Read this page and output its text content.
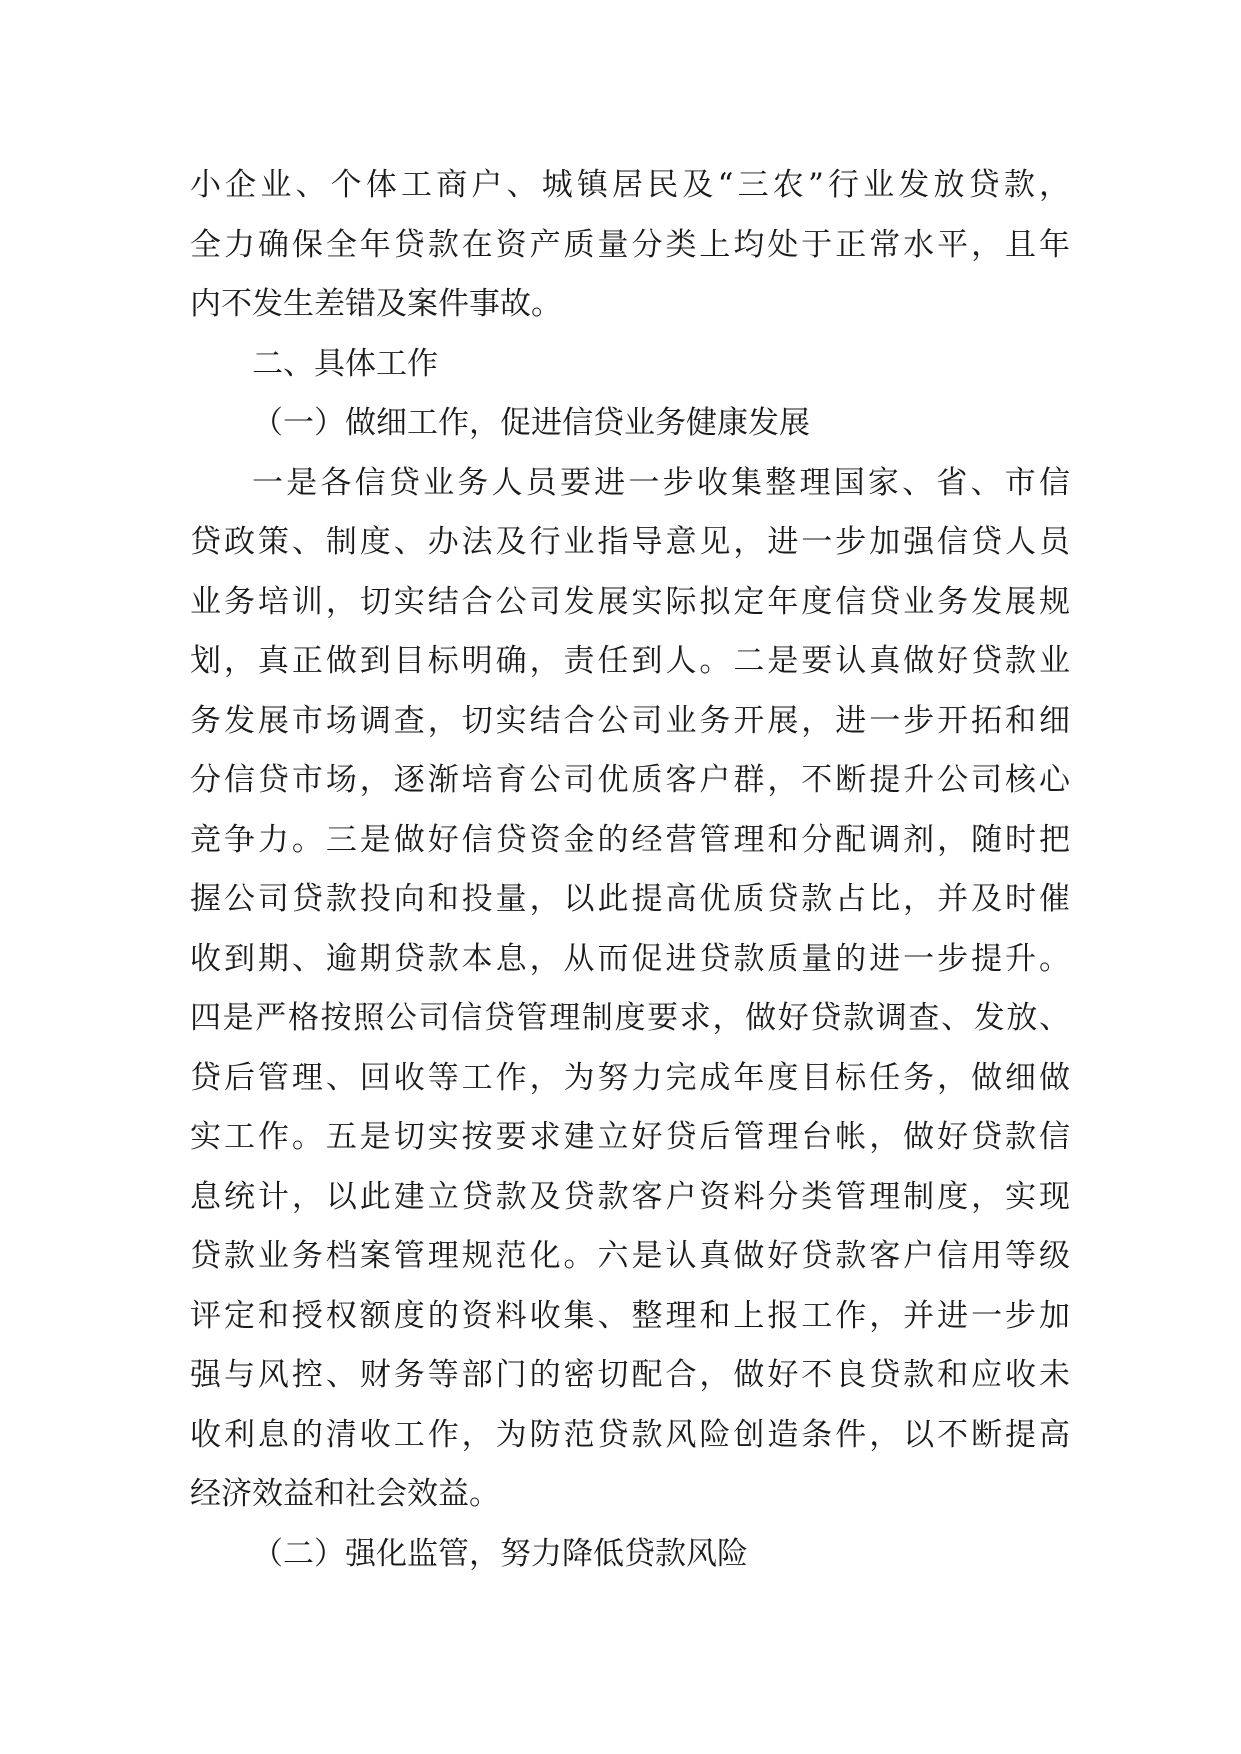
小企业、个体工商户、城镇居民及“三农”行业发放贷款，
全力确保全年贷款在资产质量分类上均处于正常水平，且年
内不发生差错及案件事故。

二、具体工作

（一）做细工作，促进信贷业务健康发展

一是各信贷业务人员要进一步收集整理国家、省、市信
贷政策、制度、办法及行业指导意见，进一步加强信贷人员
业务培训，切实结合公司发展实际拟定年度信贷业务发展规
划，真正做到目标明确，责任到人。二是要认真做好贷款业
务发展市场调查，切实结合公司业务开展，进一步开拓和细
分信贷市场，逐渐培育公司优质客户群，不断提升公司核心
竞争力。三是做好信贷资金的经营管理和分配调剂，随时把
握公司贷款投向和投量，以此提高优质贷款占比，并及时催
收到期、逾期贷款本息，从而促进贷款质量的进一步提升。
四是严格按照公司信贷管理制度要求，做好贷款调查、发放、
贷后管理、回收等工作，为努力完成年度目标任务，做细做
实工作。五是切实按要求建立好贷后管理台帐，做好贷款信
息统计，以此建立贷款及贷款客户资料分类管理制度，实现
贷款业务档案管理规范化。六是认真做好贷款客户信用等级
评定和授权额度的资料收集、整理和上报工作，并进一步加
强与风控、财务等部门的密切配合，做好不良贷款和应收未
收利息的清收工作，为防范贷款风险创造条件，以不断提高
经济效益和社会效益。

（二）强化监管，努力降低贷款风险
